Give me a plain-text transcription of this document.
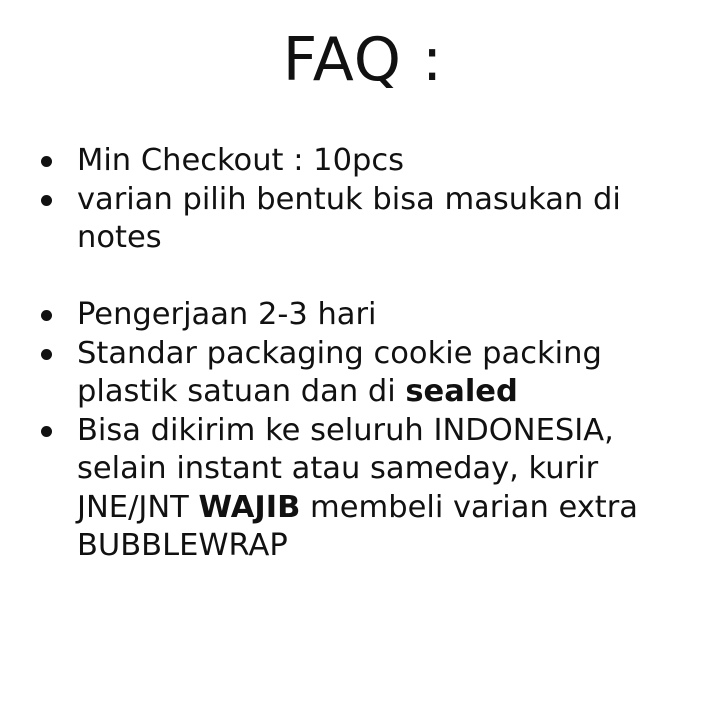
FAQ :
Min Checkout : 10pcs
varian pilih bentuk bisa masukan di notes
Pengerjaan 2-3 hari
Standar packaging cookie packing plastik satuan dan di sealed
Bisa dikirim ke seluruh INDONESIA, selain instant atau sameday, kurir JNE/JNT WAJIB membeli varian extra BUBBLEWRAP
